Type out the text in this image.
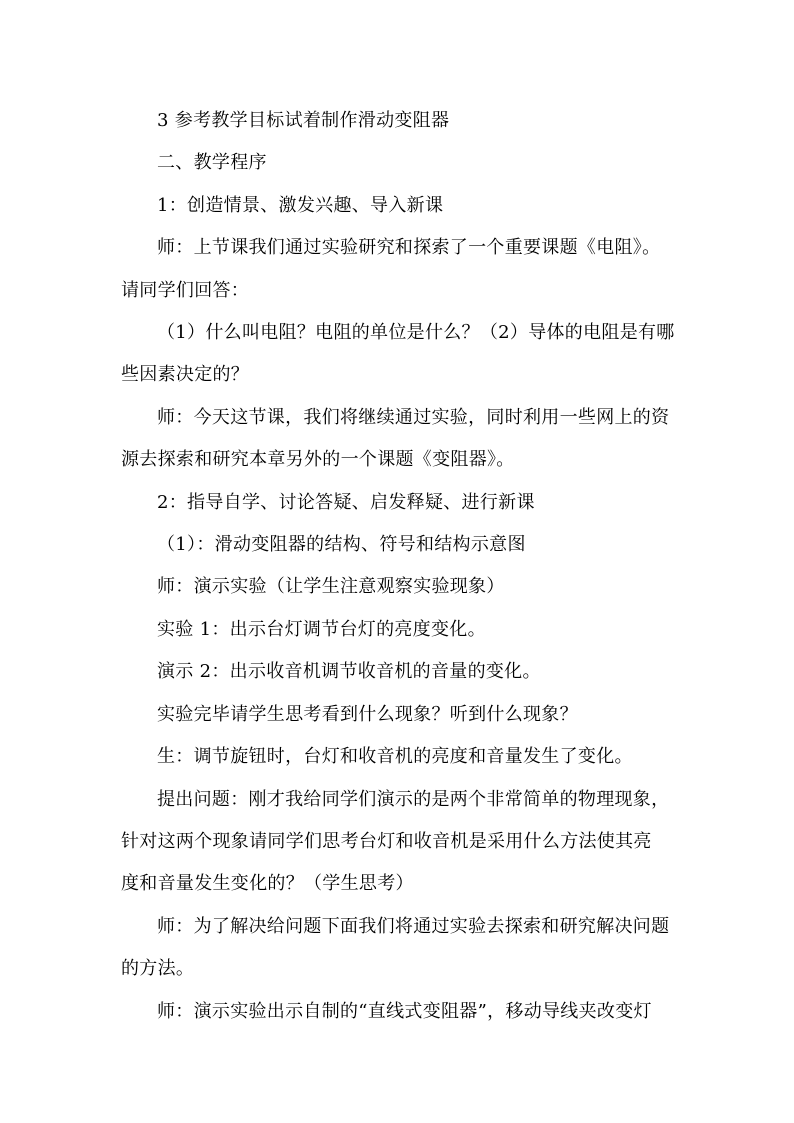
3 参考教学目标试着制作滑动变阻器
二、教学程序
1：创造情景、激发兴趣、导入新课
师：上节课我们通过实验研究和探索了一个重要课题《电阻》。
请同学们回答：
（1）什么叫电阻？电阻的单位是什么？（2）导体的电阻是有哪
些因素决定的？
师：今天这节课，我们将继续通过实验，同时利用一些网上的资
源去探索和研究本章另外的一个课题《变阻器》。
2：指导自学、讨论答疑、启发释疑、进行新课
（1）：滑动变阻器的结构、符号和结构示意图
师：演示实验（让学生注意观察实验现象）
实验 1：出示台灯调节台灯的亮度变化。
演示 2：出示收音机调节收音机的音量的变化。
实验完毕请学生思考看到什么现象？听到什么现象？
生：调节旋钮时，台灯和收音机的亮度和音量发生了变化。
提出问题：刚才我给同学们演示的是两个非常简单的物理现象，
针对这两个现象请同学们思考台灯和收音机是采用什么方法使其亮
度和音量发生变化的？（学生思考）
师：为了解决给问题下面我们将通过实验去探索和研究解决问题
的方法。
师：演示实验出示自制的“直线式变阻器”，移动导线夹改变灯
